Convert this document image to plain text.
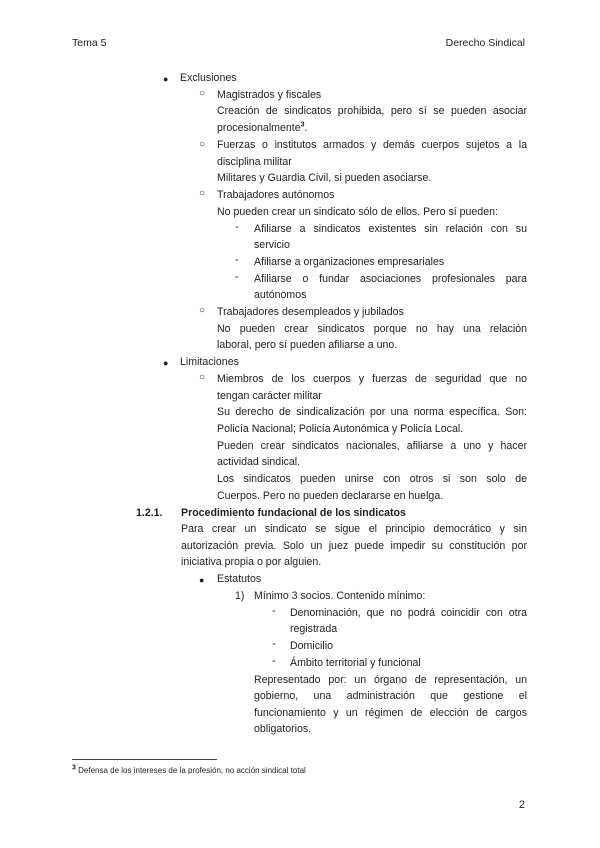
Tema 5	Derecho Sindical
● Exclusiones
○ Magistrados y fiscales
Creación de sindicatos prohibida, pero sí se pueden asociar
procesionalmente$^3$.
○ Fuerzas o institutos armados y demás cuerpos sujetos a la
disciplina militar
Militares y Guardia Civil, si pueden asociarse.
○ Trabajadores autónomos
No pueden crear un sindicato sólo de ellos. Pero sí pueden:
- Afiliarse a sindicatos existentes sin relación con su
servicio
- Afiliarse a organizaciones empresariales
- Afiliarse o fundar asociaciones profesionales para
autónomos
○ Trabajadores desempleados y jubilados
No pueden crear sindicatos porque no hay una relación
laboral, pero sí pueden afiliarse a uno.
● Limitaciones
○ Miembros de los cuerpos y fuerzas de seguridad que no
tengan carácter militar
Su derecho de sindicalización por una norma específica. Son:
Policía Nacional; Policía Autonómica y Policía Local.
Pueden crear sindicatos nacionales, afiliarse a uno y hacer
actividad sindical.
Los sindicatos pueden unirse con otros si son solo de
Cuerpos. Pero no pueden declararse en huelga.
1.2.1. Procedimiento fundacional de los sindicatos
Para crear un sindicato se sigue el principio democrático y sin
autorización previa. Solo un juez puede impedir su constitución por
iniciativa propia o por alguien.
● Estatutos
1) Mínimo 3 socios. Contenido mínimo:
- Denominación, que no podrá coincidir con otra
registrada
- Domicilio
- Ámbito territorial y funcional
Representado por: un órgano de representación, un
gobierno, una administración que gestione el
funcionamiento y un régimen de elección de cargos
obligatorios.
$^3$ Defensa de los intereses de la profesión, no acción sindical total
2
